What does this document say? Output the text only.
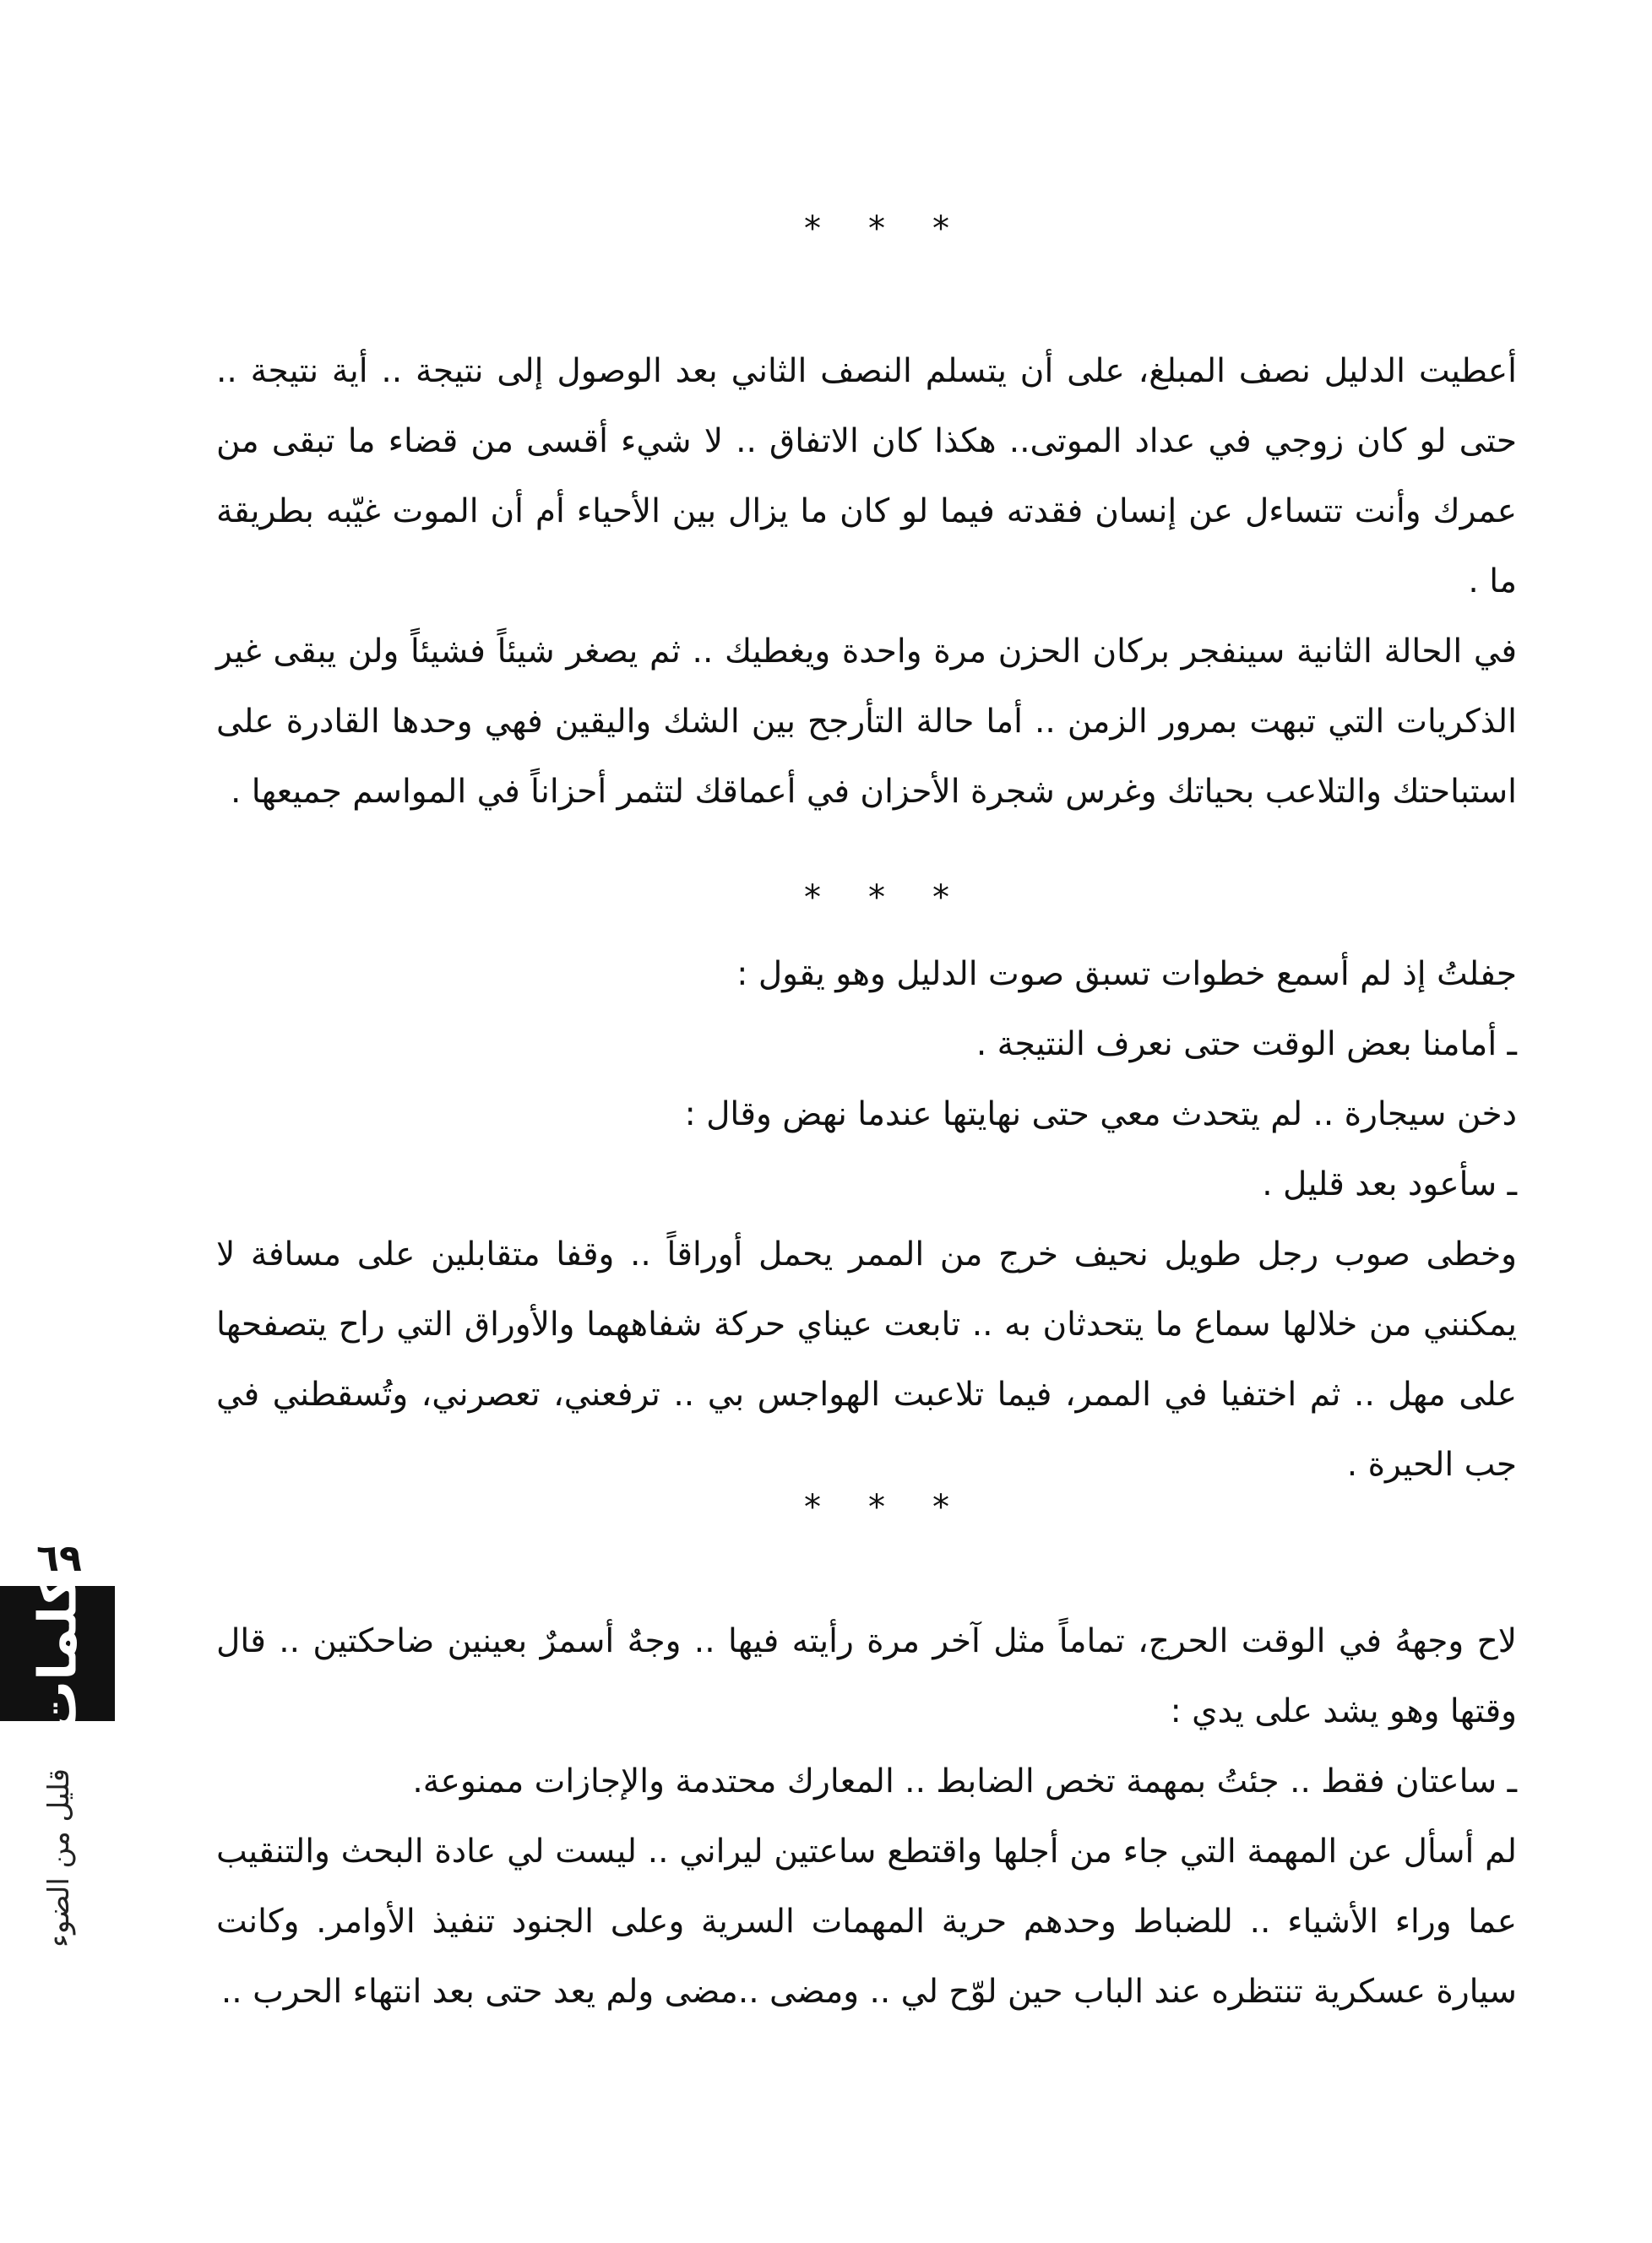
* * *

أعطيت الدليل نصف المبلغ، على أن يتسلم النصف الثاني بعد الوصول إلى نتيجة .. أية نتيجة .. حتى لو كان زوجي في عداد الموتى.. هكذا كان الاتفاق .. لا شيء أقسى من قضاء ما تبقى من عمرك وأنت تتساءل عن إنسان فقدته فيما لو كان ما يزال بين الأحياء أم أن الموت غيّبه بطريقة ما .

في الحالة الثانية سينفجر بركان الحزن مرة واحدة ويغطيك .. ثم يصغر شيئاً فشيئاً ولن يبقى غير الذكريات التي تبهت بمرور الزمن .. أما حالة التأرجح بين الشك واليقين فهي وحدها القادرة على استباحتك والتلاعب بحياتك وغرس شجرة الأحزان في أعماقك لتثمر أحزاناً في المواسم جميعها .

* * *

جفلتُ إذ لم أسمع خطوات تسبق صوت الدليل وهو يقول :

ـ أمامنا بعض الوقت حتى نعرف النتيجة .

دخن سيجارة .. لم يتحدث معي حتى نهايتها عندما نهض وقال :

ـ سأعود بعد قليل .

وخطى صوب رجل طويل نحيف خرج من الممر يحمل أوراقاً .. وقفا متقابلين على مسافة لا يمكنني من خلالها سماع ما يتحدثان به .. تابعت عيناي حركة شفاههما والأوراق التي راح يتصفحها على مهل .. ثم اختفيا في الممر، فيما تلاعبت الهواجس بي .. ترفعني، تعصرني، وتُسقطني في جب الحيرة .

* * *

لاح وجههُ في الوقت الحرج، تماماً مثل آخر مرة رأيته فيها .. وجهٌ أسمرٌ بعينين ضاحكتين .. قال وقتها وهو يشد على يدي :

ـ ساعتان فقط .. جئتُ بمهمة تخص الضابط .. المعارك محتدمة والإجازات ممنوعة.

لم أسأل عن المهمة التي جاء من أجلها واقتطع ساعتين ليراني .. ليست لي عادة البحث والتنقيب عما وراء الأشياء .. للضباط وحدهم حرية المهمات السرية وعلى الجنود تنفيذ الأوامر. وكانت سيارة عسكرية تنتظره عند الباب حين لوّح لي .. ومضى ..مضى ولم يعد حتى بعد انتهاء الحرب ..

٦٩
كلمات
قليل من الضوء
